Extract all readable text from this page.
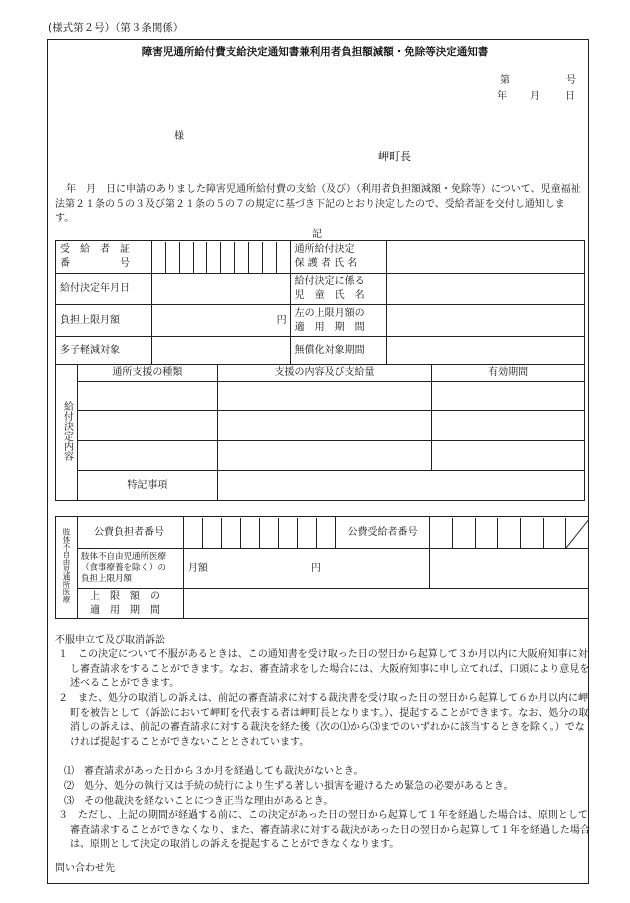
(様式第２号）（第３条関係）
障害児通所給付費支給決定通知書兼利用者負担額減額・免除等決定通知書
第	号
年 月	日
様
岬町長
年　月　日に申請のありました障害児通所給付費の支給（及び）（利用者負担額減額・免除等）について、児童福祉法第２１条の５の３及び第２１条の５の７の規定に基づき下記のとおり決定したので、受給者証を交付し通知します。
記
受　給　者　証
番　　　　　号		通所給付決定
保 護 者 氏 名	
給付決定年月日		給付決定に係る
児　童　氏　名	
負担上限月額	円	左の上限月額の
適　用　期　間	
多子軽減対象		無償化対象期間	
給付決定内容	通所支援の種類	支援の内容及び支給量	有効期間

	特記事項		
肢体不自由児通所医療	公費負担者番号		公費受給者番号	

	肢体不自由児通所医療
（食事療養を除く）の
負担上限月額	月額 円		

	上　限　額　の
適　用　期　間			
不服申立て及び取消訴訟
１　この決定について不服があるときは、この通知書を受け取った日の翌日から起算して３か月以内に大阪府知事に対し審査請求をすることができます。なお、審査請求をした場合には、大阪府知事に申し立てれば、口頭により意見を述べることができます。
２　また、処分の取消しの訴えは、前記の審査請求に対する裁決書を受け取った日の翌日から起算して６か月以内に岬町を被告として（訴訟において岬町を代表する者は岬町長となります。）、提起することができます。なお、処分の取消しの訴えは、前記の審査請求に対する裁決を経た後（次の⑴から⑶までのいずれかに該当するときを除く。）でなければ提起することができないこととされています。
⑴　審査請求があった日から３か月を経過しても裁決がないとき。
⑵　処分、処分の執行又は手続の続行により生ずる著しい損害を避けるため緊急の必要があるとき。
⑶　その他裁決を経ないことにつき正当な理由があるとき。
３　ただし、上記の期間が経過する前に、この決定があった日の翌日から起算して１年を経過した場合は、原則として審査請求することができなくなり、また、審査請求に対する裁決があった日の翌日から起算して１年を経過した場合は、原則として決定の取消しの訴えを提起することができなくなります。
問い合わせ先
